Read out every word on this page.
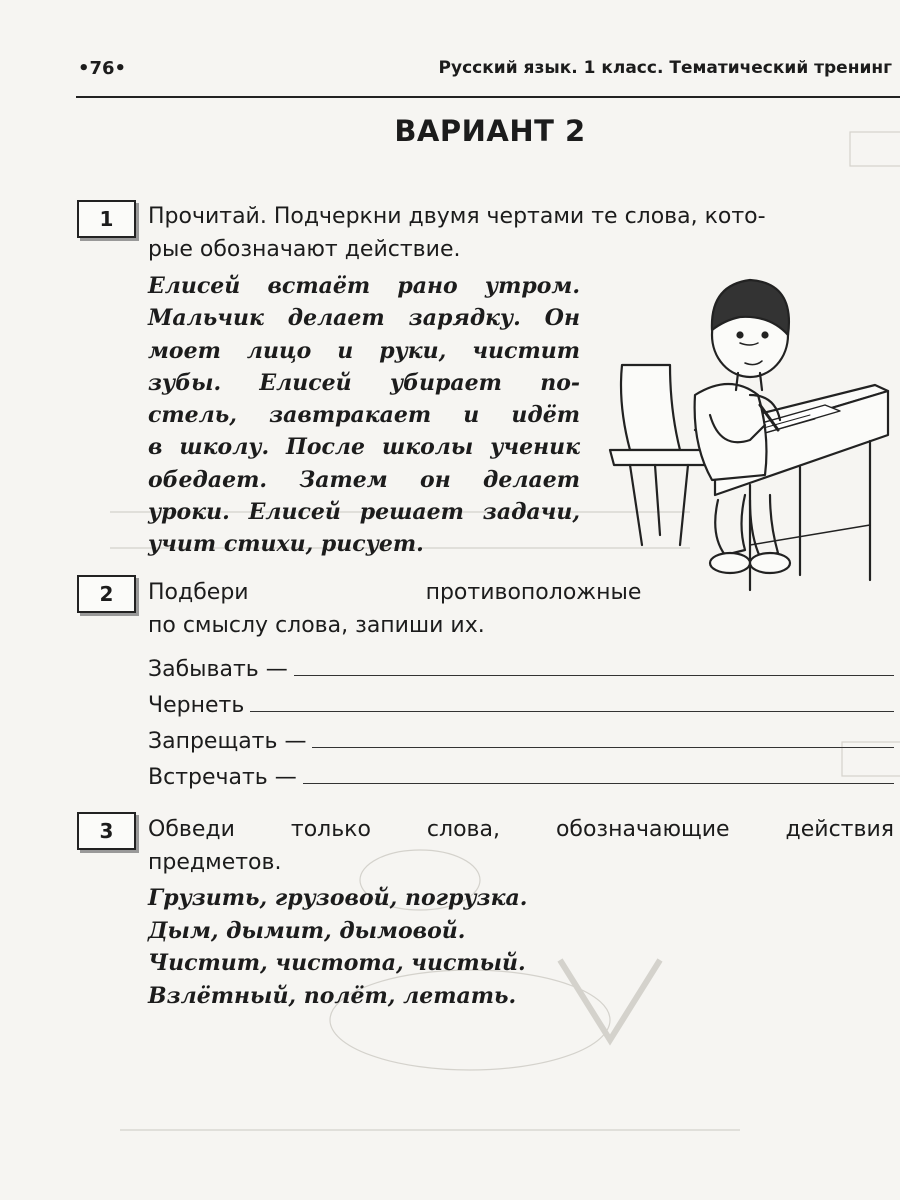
•76•	Русский язык. 1 класс. Тематический тренинг
ВАРИАНТ 2
1	Прочитай. Подчеркни двумя чертами те слова, кото-
рые обозначают действие.
Елисей встаёт рано утром.
Мальчик делает зарядку. Он
моет лицо и руки, чистит
зубы. Елисей убирает по-
стель, завтракает и идёт
в школу. После школы ученик
обедает. Затем он делает
уроки. Елисей решает задачи,
учит стихи, рисует.
2	Подбери противоположные
по смыслу слова, запиши их.
Забывать —
Чернеть
Запрещать —
Встречать —
3	Обведи только слова, обозначающие действия
предметов.
Грузить, грузовой, погрузка.
Дым, дымит, дымовой.
Чистит, чистота, чистый.
Взлётный, полёт, летать.
